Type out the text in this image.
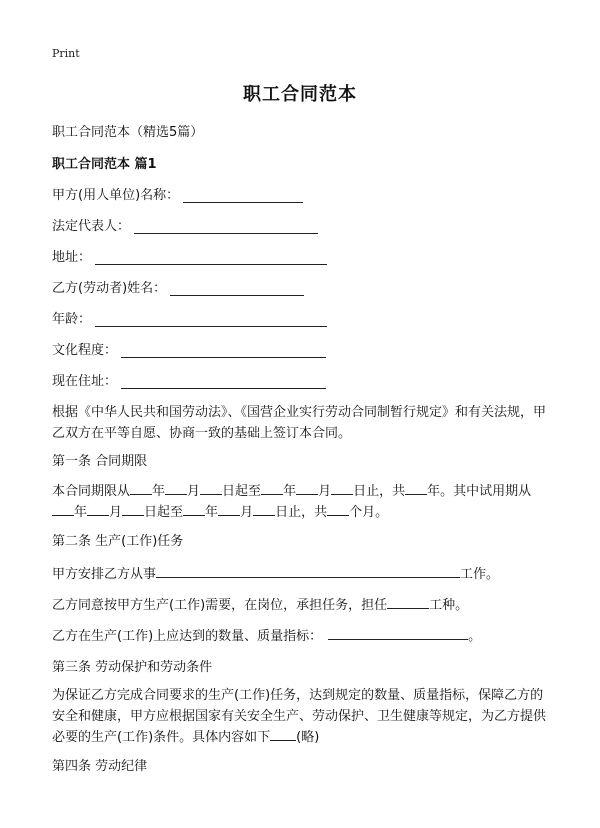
Print
职工合同范本
职工合同范本（精选5篇）
职工合同范本 篇1
甲方(用人单位)名称：
法定代表人：
地址：
乙方(劳动者)姓名：
年龄：
文化程度：
现在住址：
根据《中华人民共和国劳动法》、《国营企业实行劳动合同制暂行规定》和有关法规，甲乙双方在平等自愿、协商一致的基础上签订本合同。
第一条 合同期限
本合同期限从 年 月 日起至 年 月 日止，共 年。其中试用期从
年 月 日起至 年 月 日止，共 个月。
第二条 生产(工作)任务
甲方安排乙方从事	工作。
乙方同意按甲方生产(工作)需要，在岗位，承担任务，担任	工种。
乙方在生产(工作)上应达到的数量、质量指标：	。
第三条 劳动保护和劳动条件
为保证乙方完成合同要求的生产(工作)任务，达到规定的数量、质量指标，保障乙方的安全和健康，甲方应根据国家有关安全生产、劳动保护、卫生健康等规定，为乙方提供必要的生产(工作)条件。具体内容如下 (略)
第四条 劳动纪律
